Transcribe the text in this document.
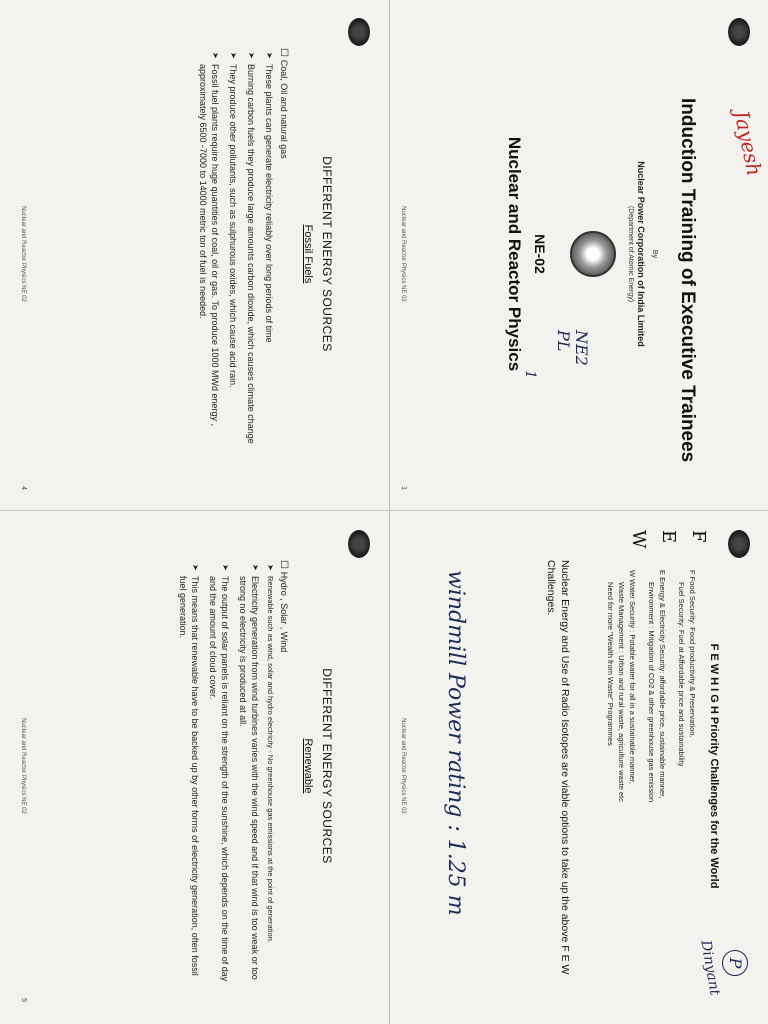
Induction Training of Executive Trainees
By
Nuclear Power Corporation of India Limited
(Department of Atomic Energy)
NE-02
Nuclear and Reactor Physics
Nuclear and Reactor Physics NE 02
1
F E W H I G H Priority Challenges for the World
F
F Food Security: Food productivity & Preservation.
Fuel Security: Fuel at Affordable price and sustainability
E
E Energy & Electricity Security: affordable price, sustainable manner,
Environment : Mitigation of CO2 & other greenhouse gas emission
W
W Water Security : Potable water for all in a sustainable manner,
Waste Management : Urban and rural waste, agriculture waste etc
Need for more "Wealth from Waste" Programmes
Nuclear Energy and Use of Radio Isotopes are viable options to take up the above F E W Challenges.
Nuclear and Reactor Physics NE 02
DIFFERENT ENERGY SOURCES
Fossil Fuels
☐ Coal, Oil and natural gas
➤ These plants can generate electricity reliably over long periods of time
➤ Burning carbon fuels they produce large amounts carbon dioxide, which causes climate change
➤ They produce other pollutants, such as sulphurous oxides, which cause acid rain.
➤ Fossil fuel plants require huge quantities of coal, oil or gas. To produce 1000 MWd energy , approximately 6500 -7000 to 14000 metric ton of fuel is needed.
Nuclear and Reactor Physics NE 02
4
DIFFERENT ENERGY SOURCES
Renewable
☐ Hydro , Solar , Wind
➤ Renewable such as wind, solar and hydro electricity - No greenhouse gas emissions at the point of generation.
➤ Electricity generation from wind turbines varies with the wind speed and if that wind is too weak or too strong no electricity is produced at all.
➤ The output of solar panels is reliant on the strength of the sunshine, which depends on the time of day and the amount of cloud cover.
➤ This means that renewable have to be backed up by other forms of electricity generation, often fossil fuel generation.
Nuclear and Reactor Physics NE 02
5
Jayesh
NE2 PL
1
windmill Power rating : 1.25 m
P
Dinyant
